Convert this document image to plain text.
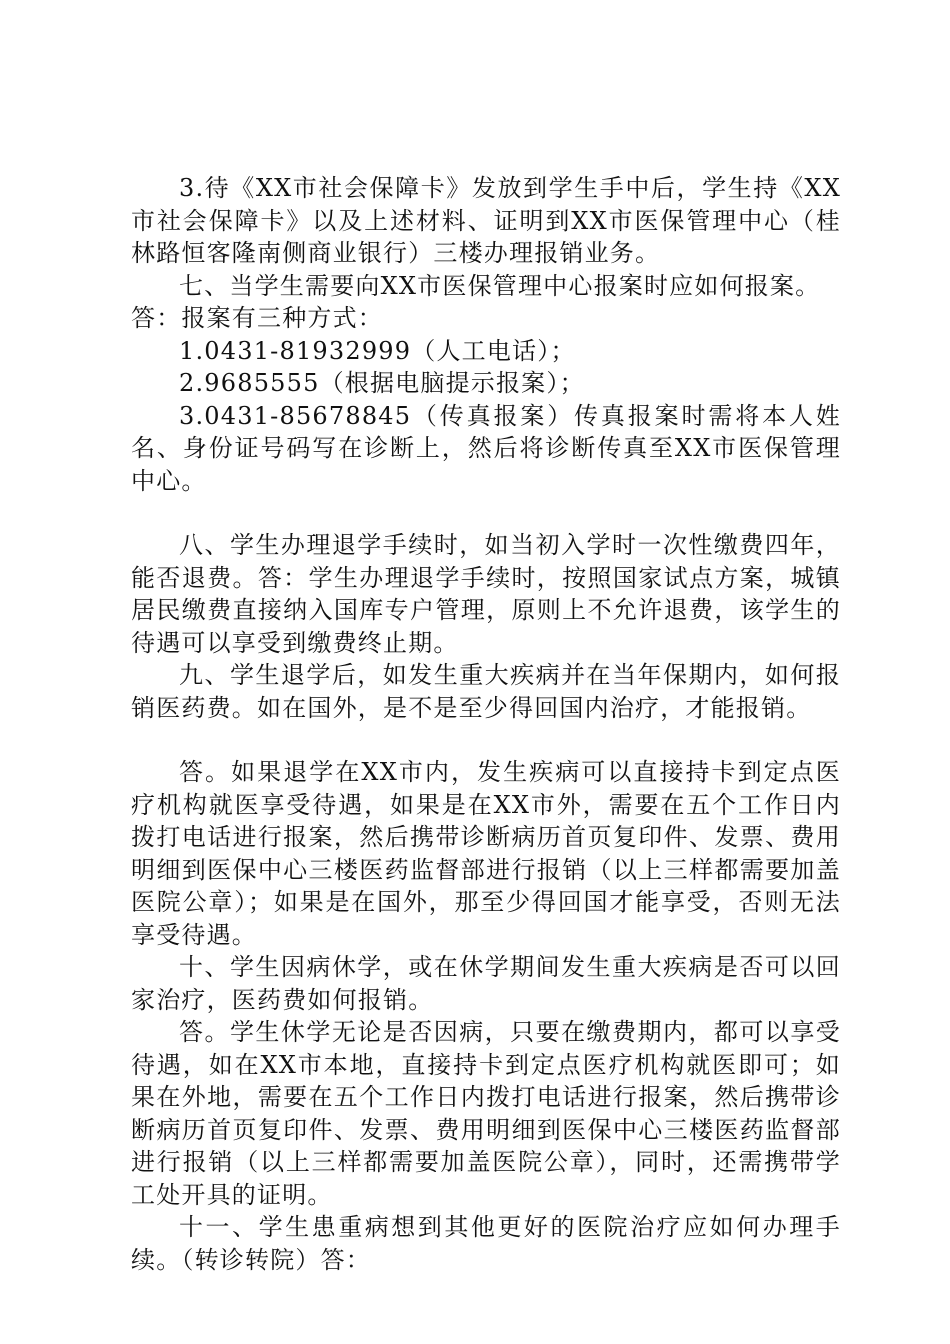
3.待《XX市社会保障卡》发放到学生手中后，学生持《XX市社会保障卡》以及上述材料、证明到XX市医保管理中心（桂林路恒客隆南侧商业银行）三楼办理报销业务。

七、当学生需要向XX市医保管理中心报案时应如何报案。

答：报案有三种方式：

1.0431-81932999（人工电话）；

2.9685555（根据电脑提示报案）；

3.0431-85678845（传真报案）传真报案时需将本人姓名、身份证号码写在诊断上，然后将诊断传真至XX市医保管理中心。

八、学生办理退学手续时，如当初入学时一次性缴费四年，能否退费。答：学生办理退学手续时，按照国家试点方案，城镇居民缴费直接纳入国库专户管理，原则上不允许退费，该学生的待遇可以享受到缴费终止期。

九、学生退学后，如发生重大疾病并在当年保期内，如何报销医药费。如在国外，是不是至少得回国内治疗，才能报销。

答。如果退学在XX市内，发生疾病可以直接持卡到定点医疗机构就医享受待遇，如果是在XX市外，需要在五个工作日内拨打电话进行报案，然后携带诊断病历首页复印件、发票、费用明细到医保中心三楼医药监督部进行报销（以上三样都需要加盖医院公章）；如果是在国外，那至少得回国才能享受，否则无法享受待遇。

十、学生因病休学，或在休学期间发生重大疾病是否可以回家治疗，医药费如何报销。

答。学生休学无论是否因病，只要在缴费期内，都可以享受待遇，如在XX市本地，直接持卡到定点医疗机构就医即可；如果在外地，需要在五个工作日内拨打电话进行报案，然后携带诊断病历首页复印件、发票、费用明细到医保中心三楼医药监督部进行报销（以上三样都需要加盖医院公章），同时，还需携带学工处开具的证明。

十一、学生患重病想到其他更好的医院治疗应如何办理手续。（转诊转院）答：
